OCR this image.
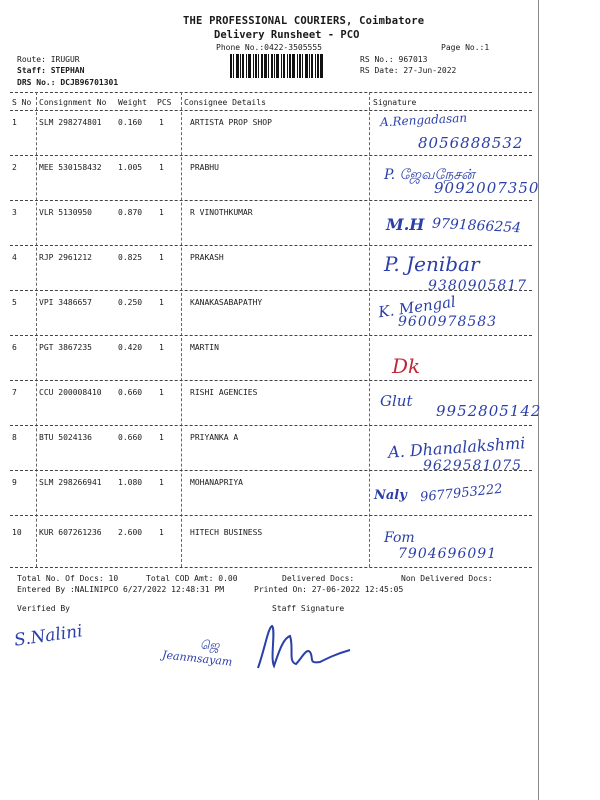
THE PROFESSIONAL COURIERS, Coimbatore
Delivery Runsheet - PCO
Phone No.:0422-3505555	Page No.:1
Route: IRUGUR
Staff: STEPHAN
DRS No.: DCJB96701301
RS No.: 967013
RS Date: 27-Jun-2022
S No Consignment No Weight PCS Consignee Details	Signature
1	SLM 298274801 0.160 1	ARTISTA PROP SHOP	A.Rengadasan
8056888532
2	MEE 530158432 1.005 1	PRABHU	P. ஜேவநேசன்
9092007350
3	VLR 5130950	0.870 1	R VINOTHKUMAR
M.H 9791866254
4	RJP 2961212	0.825 1	PRAKASH	P. Jenibar
9380905817
5	VPI 3486657	0.250 1	KANAKASABAPATHY	K. Mengal
9600978583
6	PGT 3867235	0.420 1	MARTIN
Dk
7	CCU 200008410 0.660 1	RISHI AGENCIES	Glut
9952805142
8	BTU 5024136	0.660 1	PRIYANKA A	A. Dhanalakshmi
9629581075
9	SLM 298266941 1.080 1	MOHANAPRIYA
Naly 9677953222
10 KUR 607261236 2.600 1	HITECH BUSINESS	Fom
7904696091
Total No. Of Docs: 10	Total COD Amt: 0.00	Delivered Docs:	Non Delivered Docs:
Entered By :NALINIPCO 6/27/2022 12:48:31 PM	Printed On: 27-06-2022 12:45:05
Verified By	Staff Signature
S.Nalini	ஜெ
Jeanmsayam
